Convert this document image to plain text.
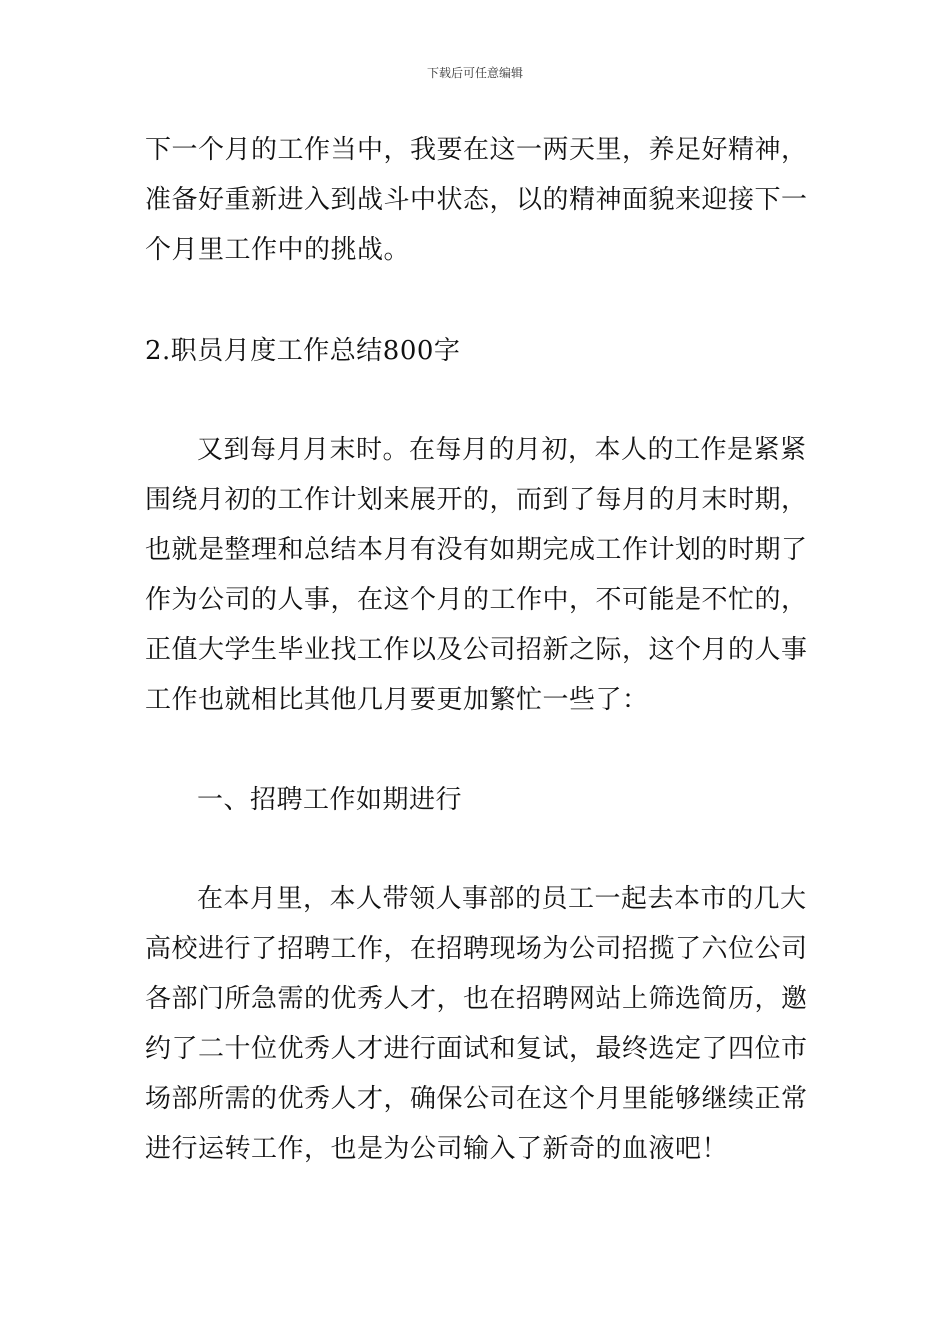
下载后可任意编辑
下一个月的工作当中，我要在这一两天里，养足好精神，
准备好重新进入到战斗中状态，以的精神面貌来迎接下一
个月里工作中的挑战。
2.职员月度工作总结800字
又到每月月末时。在每月的月初，本人的工作是紧紧
围绕月初的工作计划来展开的，而到了每月的月末时期，
也就是整理和总结本月有没有如期完成工作计划的时期了
作为公司的人事，在这个月的工作中，不可能是不忙的，
正值大学生毕业找工作以及公司招新之际，这个月的人事
工作也就相比其他几月要更加繁忙一些了：
一、招聘工作如期进行
在本月里，本人带领人事部的员工一起去本市的几大
高校进行了招聘工作，在招聘现场为公司招揽了六位公司
各部门所急需的优秀人才，也在招聘网站上筛选简历，邀
约了二十位优秀人才进行面试和复试，最终选定了四位市
场部所需的优秀人才，确保公司在这个月里能够继续正常
进行运转工作，也是为公司输入了新奇的血液吧！
